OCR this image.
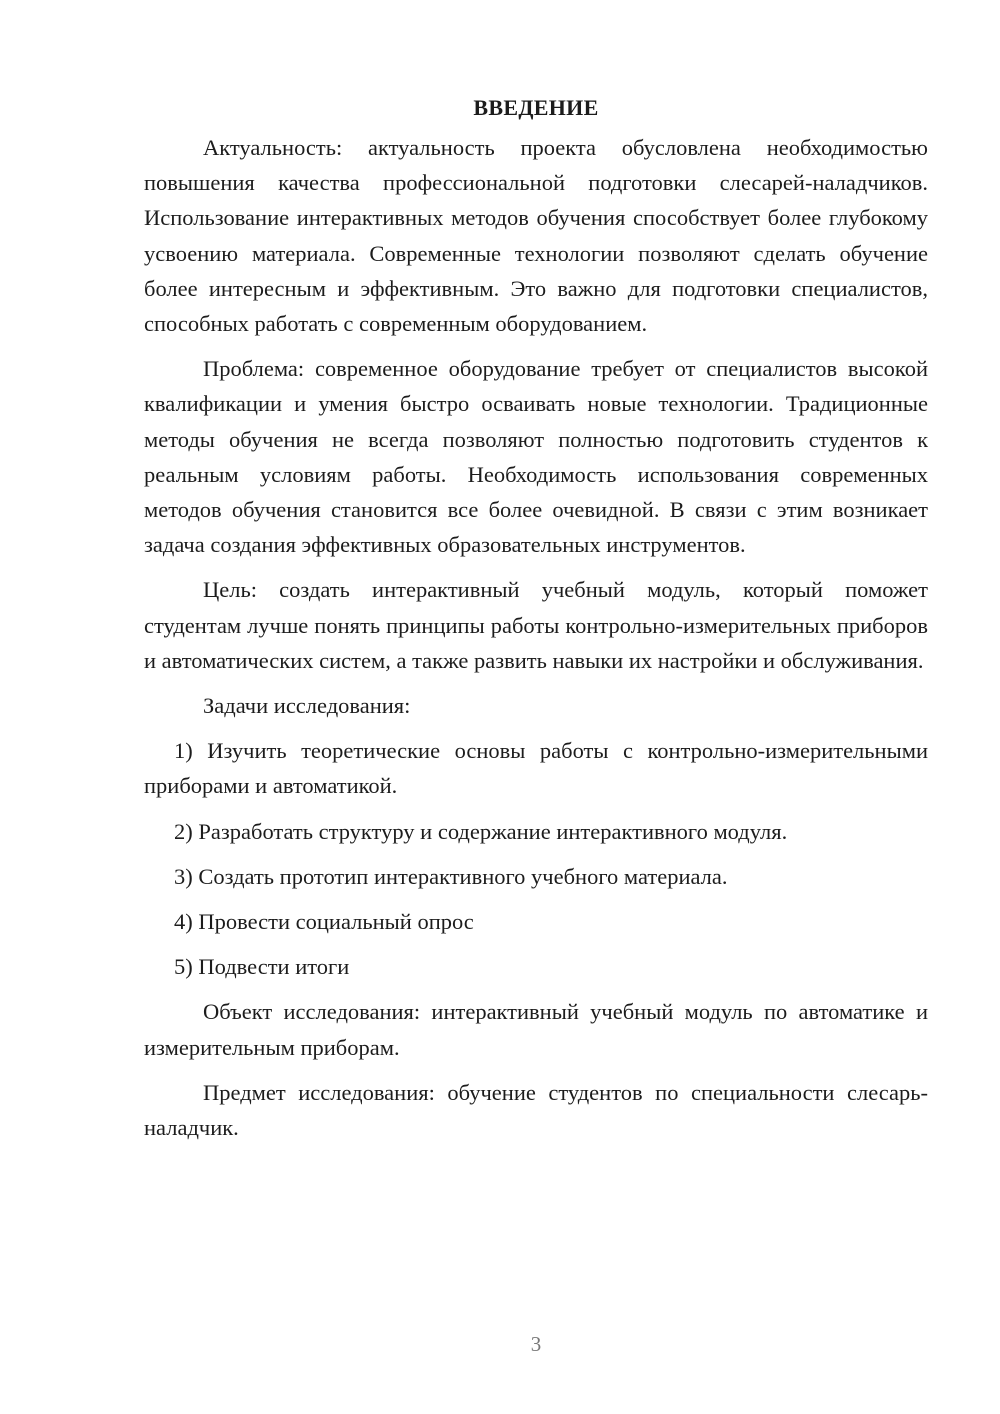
ВВЕДЕНИЕ

Актуальность: актуальность проекта обусловлена необходимостью повышения качества профессиональной подготовки слесарей-наладчиков. Использование интерактивных методов обучения способствует более глубокому усвоению материала. Современные технологии позволяют сделать обучение более интересным и эффективным. Это важно для подготовки специалистов, способных работать с современным оборудованием.

Проблема: современное оборудование требует от специалистов высокой квалификации и умения быстро осваивать новые технологии. Традиционные методы обучения не всегда позволяют полностью подготовить студентов к реальным условиям работы. Необходимость использования современных методов обучения становится все более очевидной. В связи с этим возникает задача создания эффективных образовательных инструментов.

Цель: создать интерактивный учебный модуль, который поможет студентам лучше понять принципы работы контрольно-измерительных приборов и автоматических систем, а также развить навыки их настройки и обслуживания.

Задачи исследования:

1) Изучить теоретические основы работы с контрольно-измерительными приборами и автоматикой.

2) Разработать структуру и содержание интерактивного модуля.

3) Создать прототип интерактивного учебного материала.

4) Провести социальный опрос

5) Подвести итоги

Объект исследования: интерактивный учебный модуль по автоматике и измерительным приборам.

Предмет исследования: обучение студентов по специальности слесарь-наладчик.

3
